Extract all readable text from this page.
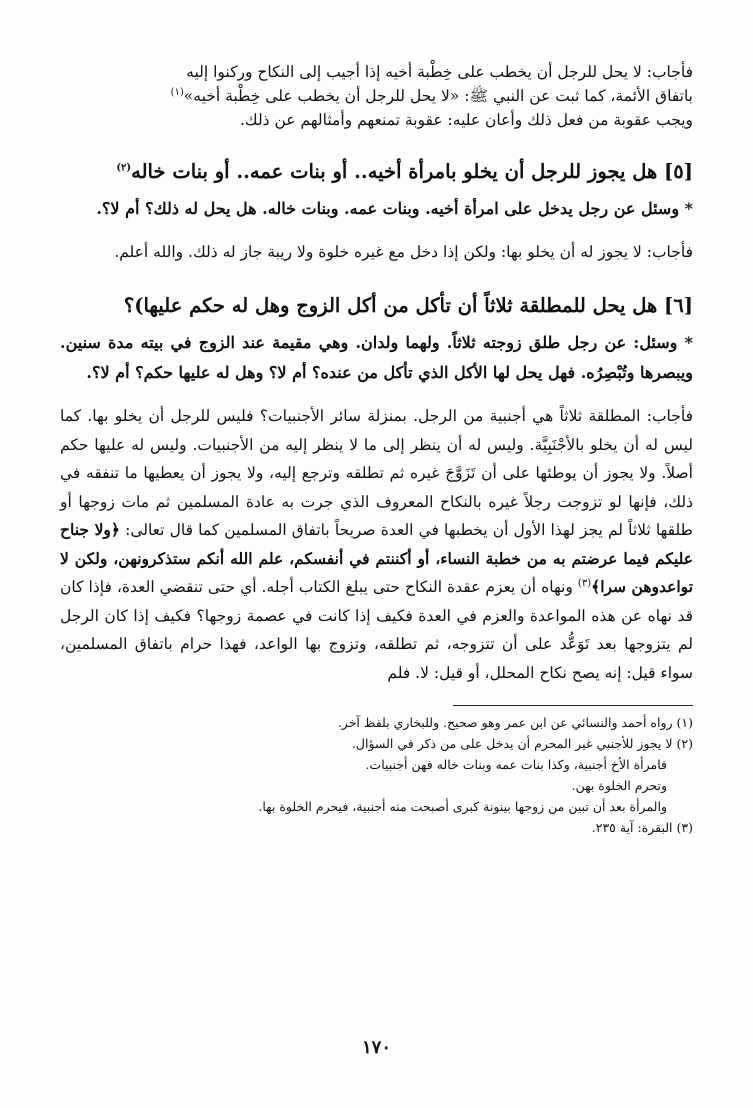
فأجاب: لا يحل للرجل أن يخطب على خِطْبة أخيه إذا أجيب إلى النكاح وركنوا إليه

باتفاق الأئمة، كما ثبت عن النبي ﷺ: «لا يحل للرجل أن يخطب على خِطْبة أخيه»$^{(١)}$

ويجب عقوبة من فعل ذلك وأعان عليه: عقوبة تمنعهم وأمثالهم عن ذلك.

[٥] هل يجوز للرجل أن يخلو بامرأة أخيه.. أو بنات عمه.. أو بنات خاله$^{(٢)}$

* وسئل عن رجل يدخل على امرأة أخيه. وبنات عمه. وبنات خاله. هل يحل له ذلك؟ أم لا؟.

فأجاب: لا يجوز له أن يخلو بها: ولكن إذا دخل مع غيره خلوة ولا ريبة جاز له ذلك. والله أعلم.

[٦] هل يحل للمطلقة ثلاثاً أن تأكل من أكل الزوج وهل له حكم عليها)؟

* وسئل: عن رجل طلق زوجته ثلاثاً. ولهما ولدان. وهي مقيمة عند الزوج في بيته مدة سنين. ويبصرها وتُبْصِرُه. فهل يحل لها الأكل الذي تأكل من عنده؟ أم لا؟ وهل له عليها حكم؟ أم لا؟.

فأجاب: المطلقة ثلاثاً هي أجنبية من الرجل. بمنزلة سائر الأجنبيات؟ فليس للرجل أن يخلو بها. كما ليس له أن يخلو بالأجْنَبِيَّة. وليس له أن ينظر إلى ما لا ينظر إليه من الأجنبيات. وليس له عليها حكم أصلاً. ولا يجوز أن يوطئها على أن تَزَوَّجَ غيره ثم تطلقه وترجع إليه، ولا يجوز أن يعطيها ما تنفقه في ذلك، فإنها لو تزوجت رجلاً غيره بالنكاح المعروف الذي جرت به عادة المسلمين ثم مات زوجها أو طلقها ثلاثاً لم يجز لهذا الأول أن يخطبها في العدة صريحاً باتفاق المسلمين كما قال تعالى: ﴿ولا جناح عليكم فيما عرضتم به من خطبة النساء، أو أكننتم في أنفسكم، علم الله أنكم ستذكرونهن، ولكن لا تواعدوهن سرا﴾$^{(٣)}$ ونهاه أن يعزم عقدة النكاح حتى يبلغ الكتاب أجله. أي حتى تنقضي العدة، فإذا كان قد نهاه عن هذه المواعدة والعزم في العدة فكيف إذا كانت في عصمة زوجها؟ فكيف إذا كان الرجل لم يتزوجها بعد تَوَعُّد على أن تتزوجه، ثم تطلقه، وتزوج بها الواعد، فهذا حرام باتفاق المسلمين، سواء قيل: إنه يصح نكاح المحلل، أو قيل: لا. فلم

(١) رواه أحمد والنسائي عن ابن عمر وهو صحيح. وللبخاري بلفظ آخر.

(٢) لا يجوز للأجنبي غير المحرم أن يدخل على من ذكر في السؤال.

فامرأة الأخ أجنبية، وكذا بنات عمه وبنات خاله فهن أجنبيات.

وتحرم الخلوة بهن.

والمرأة بعد أن تبين من زوجها بينونة كبرى أصبحت منه أجنبية، فيحرم الخلوة بها.

(٣) البقرة: آية ٢٣٥.

١٧٠
